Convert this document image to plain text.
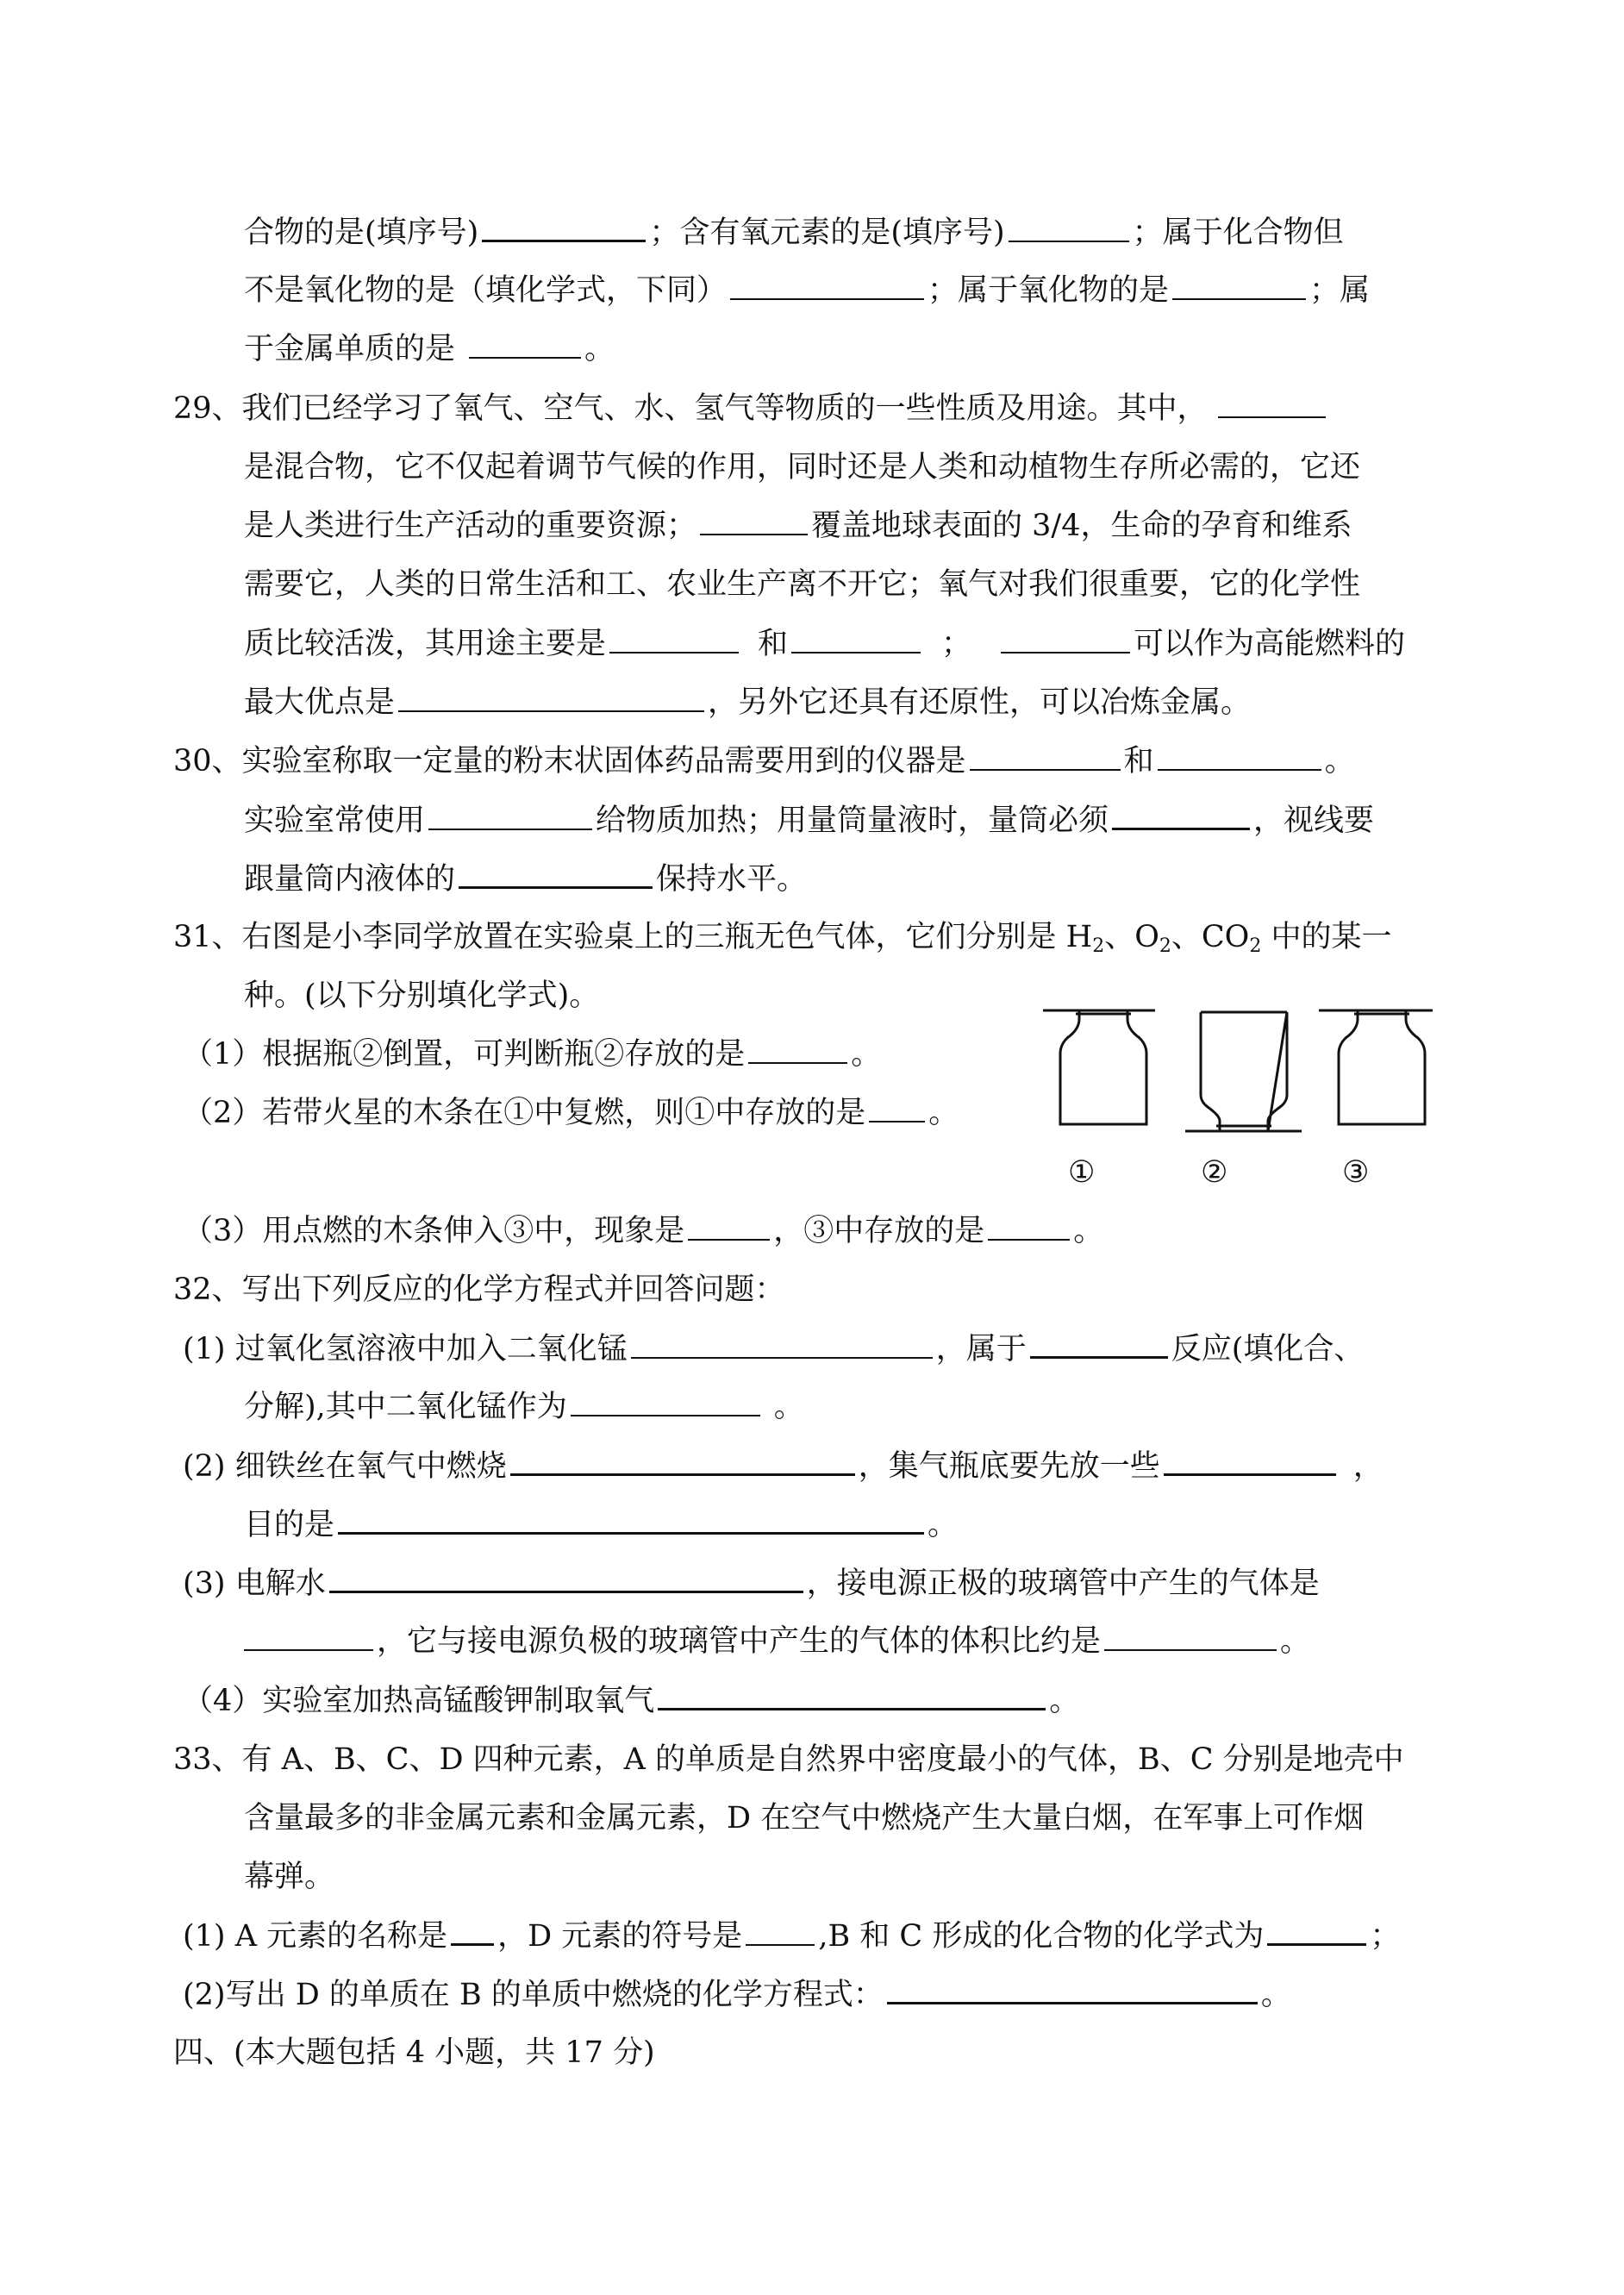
合物的是(填序号)	；含有氧元素的是(填序号)	；属于化合物但
不是氧化物的是（填化学式，下同）	；属于氧化物的是	；属
于金属单质的是	。
29、我们已经学习了氧气、空气、水、氢气等物质的一些性质及用途。其中，
是混合物，它不仅起着调节气候的作用，同时还是人类和动植物生存所必需的，它还
是人类进行生产活动的重要资源；	覆盖地球表面的 3/4，生命的孕育和维系
需要它，人类的日常生活和工、农业生产离不开它；氧气对我们很重要，它的化学性
质比较活泼，其用途主要是	和	；	可以作为高能燃料的
最大优点是	，另外它还具有还原性，可以冶炼金属。
30、实验室称取一定量的粉末状固体药品需要用到的仪器是	和	。
实验室常使用	给物质加热；用量筒量液时，量筒必须	，视线要
跟量筒内液体的	保持水平。
31、右图是小李同学放置在实验桌上的三瓶无色气体，它们分别是 $H_2$、$O_2$、$CO_2$ 中的某一
种。(以下分别填化学式)。
（1）根据瓶②倒置，可判断瓶②存放的是	。
（2）若带火星的木条在①中复燃，则①中存放的是 。
①	②	③
（3）用点燃的木条伸入③中，现象是	，③中存放的是	。
32、写出下列反应的化学方程式并回答问题：
(1) 过氧化氢溶液中加入二氧化锰	，属于	反应(填化合、
分解),其中二氧化锰作为	。
(2) 细铁丝在氧气中燃烧	，集气瓶底要先放一些	，
目的是	。
(3) 电解水	，接电源正极的玻璃管中产生的气体是
，它与接电源负极的玻璃管中产生的气体的体积比约是	。
（4）实验室加热高锰酸钾制取氧气	。
33、有 A、B、C、D 四种元素，A 的单质是自然界中密度最小的气体，B、C 分别是地壳中
含量最多的非金属元素和金属元素，D 在空气中燃烧产生大量白烟，在军事上可作烟
幕弹。
(1) A 元素的名称是 ，D 元素的符号是	,B 和 C 形成的化合物的化学式为	；
(2)写出 D 的单质在 B 的单质中燃烧的化学方程式：	。
四、(本大题包括 4 小题，共 17 分)
